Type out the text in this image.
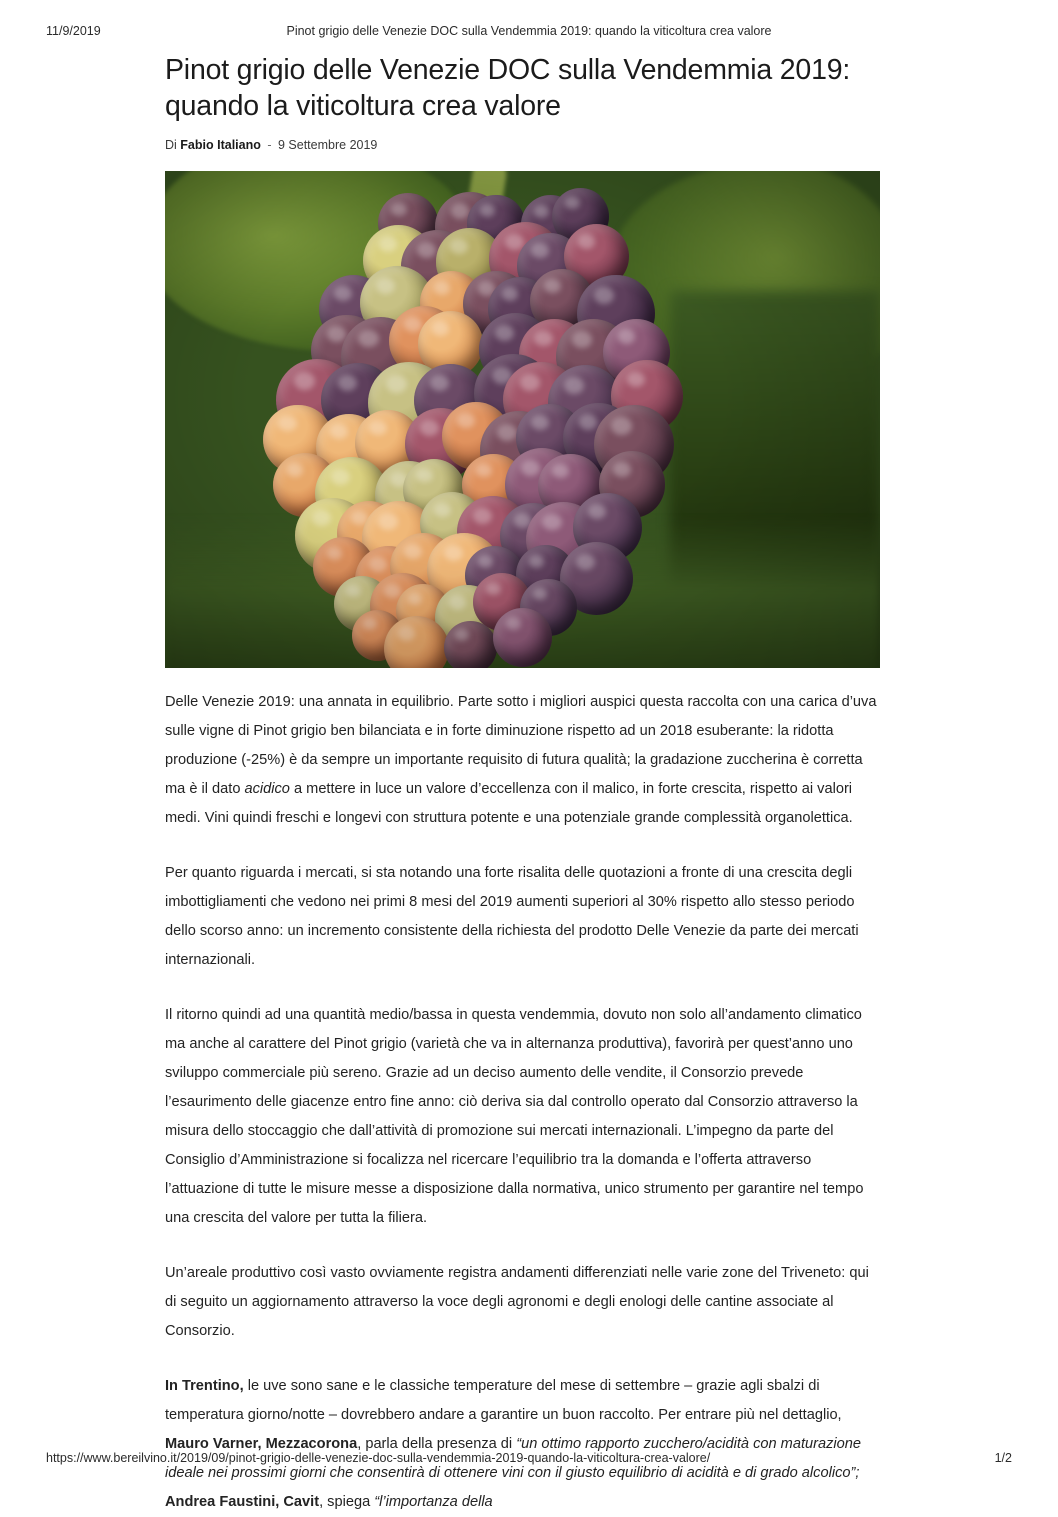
11/9/2019	Pinot grigio delle Venezie DOC sulla Vendemmia 2019: quando la viticoltura crea valore
Pinot grigio delle Venezie DOC sulla Vendemmia 2019: quando la viticoltura crea valore
Di Fabio Italiano - 9 Settembre 2019

Delle Venezie 2019: una annata in equilibrio. Parte sotto i migliori auspici questa raccolta con una carica d’uva sulle vigne di Pinot grigio ben bilanciata e in forte diminuzione rispetto ad un 2018 esuberante: la ridotta produzione (-25%) è da sempre un importante requisito di futura qualità; la gradazione zuccherina è corretta ma è il dato acidico a mettere in luce un valore d’eccellenza con il malico, in forte crescita, rispetto ai valori medi. Vini quindi freschi e longevi con struttura potente e una potenziale grande complessità organolettica.

Per quanto riguarda i mercati, si sta notando una forte risalita delle quotazioni a fronte di una crescita degli imbottigliamenti che vedono nei primi 8 mesi del 2019 aumenti superiori al 30% rispetto allo stesso periodo dello scorso anno: un incremento consistente della richiesta del prodotto Delle Venezie da parte dei mercati internazionali.

Il ritorno quindi ad una quantità medio/bassa in questa vendemmia, dovuto non solo all’andamento climatico ma anche al carattere del Pinot grigio (varietà che va in alternanza produttiva), favorirà per quest’anno uno sviluppo commerciale più sereno. Grazie ad un deciso aumento delle vendite, il Consorzio prevede l’esaurimento delle giacenze entro fine anno: ciò deriva sia dal controllo operato dal Consorzio attraverso la misura dello stoccaggio che dall’attività di promozione sui mercati internazionali. L’impegno da parte del Consiglio d’Amministrazione si focalizza nel ricercare l’equilibrio tra la domanda e l’offerta attraverso l’attuazione di tutte le misure messe a disposizione dalla normativa, unico strumento per garantire nel tempo una crescita del valore per tutta la filiera.

Un’areale produttivo così vasto ovviamente registra andamenti differenziati nelle varie zone del Triveneto: qui di seguito un aggiornamento attraverso la voce degli agronomi e degli enologi delle cantine associate al Consorzio.

In Trentino, le uve sono sane e le classiche temperature del mese di settembre – grazie agli sbalzi di temperatura giorno/notte – dovrebbero andare a garantire un buon raccolto. Per entrare più nel dettaglio, Mauro Varner, Mezzacorona, parla della presenza di “un ottimo rapporto zucchero/acidità con maturazione ideale nei prossimi giorni che consentirà di ottenere vini con il giusto equilibrio di acidità e di grado alcolico”; Andrea Faustini, Cavit, spiega “l’importanza della

https://www.bereilvino.it/2019/09/pinot-grigio-delle-venezie-doc-sulla-vendemmia-2019-quando-la-viticoltura-crea-valore/	1/2
